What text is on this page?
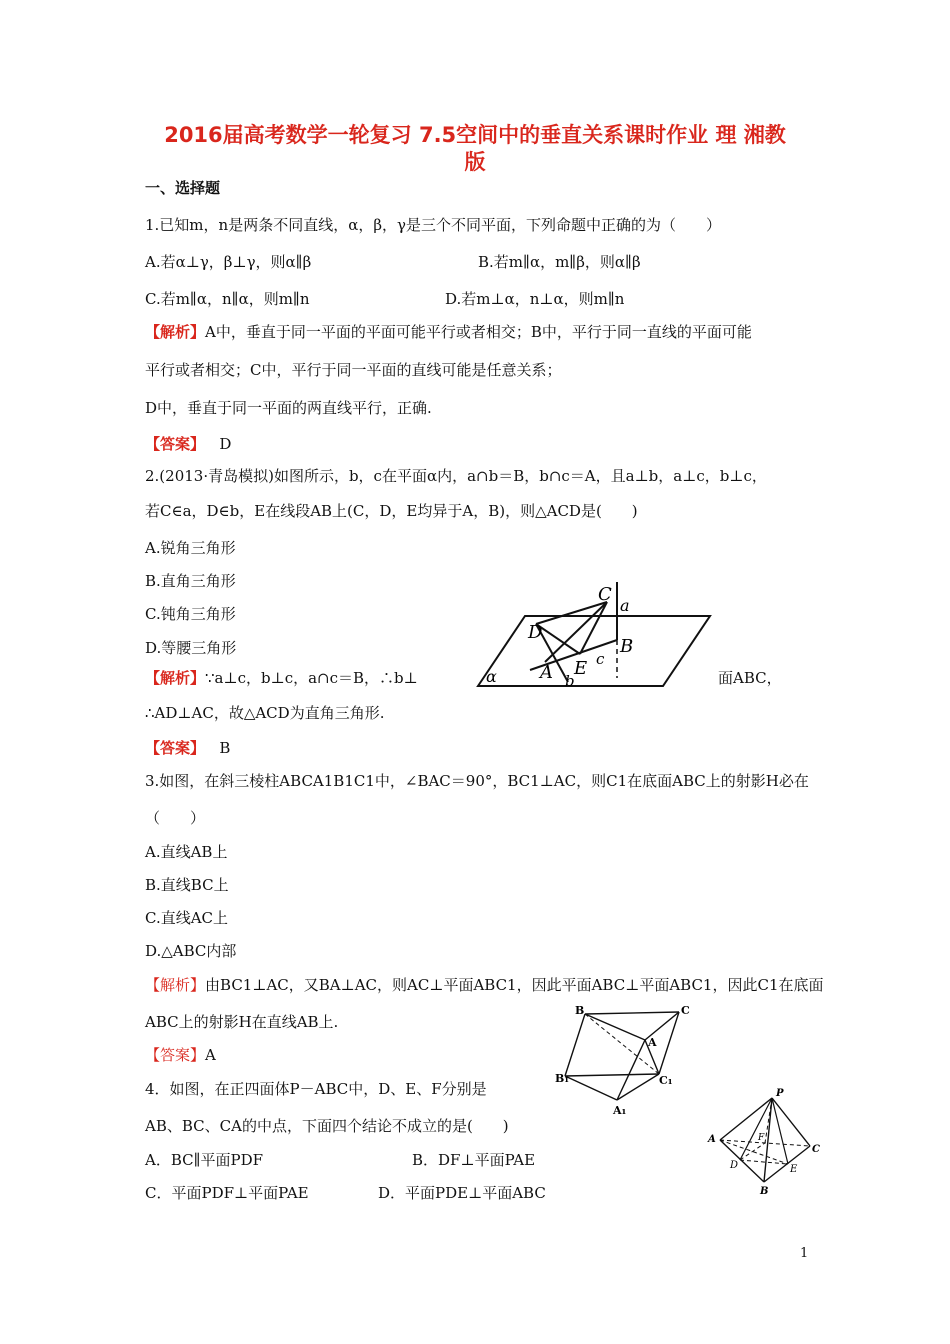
2016届高考数学一轮复习 7.5空间中的垂直关系课时作业 理 湘教
版
一、选择题
1.已知m，n是两条不同直线，α，β，γ是三个不同平面，下列命题中正确的为（　　）
A.若α⊥γ，β⊥γ，则α∥β	B.若m∥α，m∥β，则α∥β
C.若m∥α，n∥α，则m∥n	D.若m⊥α，n⊥α，则m∥n
【解析】A中，垂直于同一平面的平面可能平行或者相交；B中，平行于同一直线的平面可能
平行或者相交；C中，平行于同一平面的直线可能是任意关系；
D中，垂直于同一平面的两直线平行，正确.
【答案】 D
2.(2013·青岛模拟)如图所示，b，c在平面α内，a∩b＝B，b∩c＝A，且a⊥b，a⊥c，b⊥c，
若C∈a，D∈b，E在线段AB上(C，D，E均异于A，B)，则△ACD是(　　)
A.锐角三角形
B.直角三角形
C.钝角三角形
D.等腰三角形
【解析】∵a⊥c，b⊥c，a∩c＝B，∴b⊥	面ABC，
∴AD⊥AC，故△ACD为直角三角形.
【答案】 B
C
a
D
B
E c
A b
α
3.如图，在斜三棱柱ABCA1B1C1中，∠BAC＝90°，BC1⊥AC，则C1在底面ABC上的射影H必在
（　　）
A.直线AB上
B.直线BC上
C.直线AC上
D.△ABC内部
【解析】由BC1⊥AC，又BA⊥AC，则AC⊥平面ABC1，因此平面ABC⊥平面ABC1，因此C1在底面
ABC上的射影H在直线AB上.
【答案】A
B	C
A
B₁	C₁
A₁
4．如图，在正四面体P－ABC中，D、E、F分别是
AB、BC、CA的中点，下面四个结论不成立的是(　　)
A．BC∥平面PDF	B．DF⊥平面PAE
C．平面PDF⊥平面PAE	D．平面PDE⊥平面ABC
P
A	F
C
D	E
B
1
